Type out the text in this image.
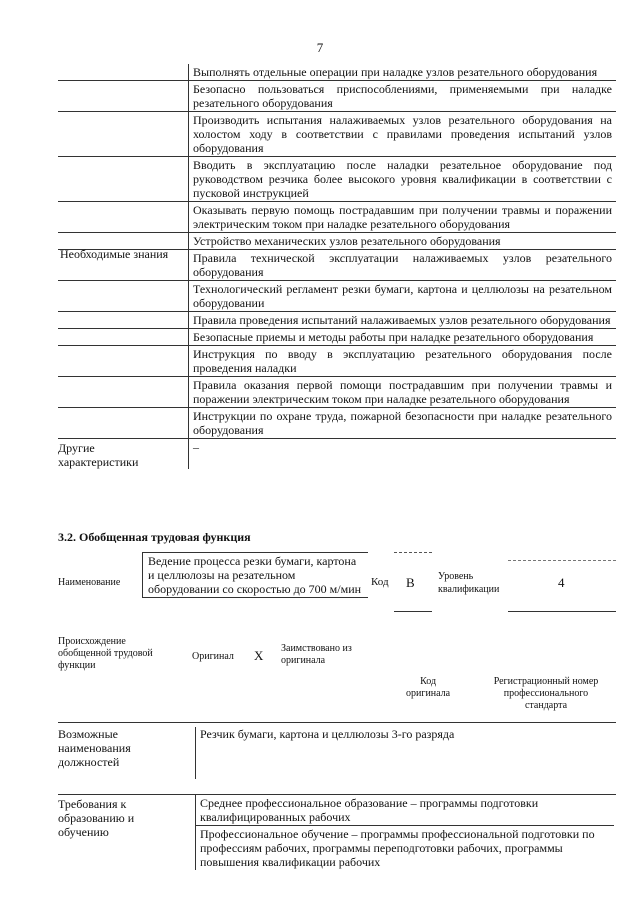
7
Необходимые знания
Выполнять отдельные операции при наладке узлов резательного оборудования
Безопасно пользоваться приспособлениями, применяемыми при наладке резательного оборудования
Производить испытания налаживаемых узлов резательного оборудования на холостом ходу в соответствии с правилами проведения испытаний узлов оборудования
Вводить в эксплуатацию после наладки резательное оборудование под руководством резчика более высокого уровня квалификации в соответствии с пусковой инструкцией
Оказывать первую помощь пострадавшим при получении травмы и поражении электрическим током при наладке резательного оборудования
Устройство механических узлов резательного оборудования
Правила технической эксплуатации налаживаемых узлов резательного оборудования
Технологический регламент резки бумаги, картона и целлюлозы на резательном оборудовании
Правила проведения испытаний налаживаемых узлов резательного оборудования
Безопасные приемы и методы работы при наладке резательного оборудования
Инструкция по вводу в эксплуатацию резательного оборудования после проведения наладки
Правила оказания первой помощи пострадавшим при получении травмы и поражении электрическим током при наладке резательного оборудования
Инструкции по охране труда, пожарной безопасности при наладке резательного оборудования
Другие
характеристики
–
3.2. Обобщенная трудовая функция
Наименование
Ведение процесса резки бумаги, картона и целлюлозы на резательном оборудовании со скоростью до 700 м/мин Код B Уровень
квалификации	4
Происхождение
обобщенной трудовой
функции
Оригинал X Заимствовано из
оригинала
Код
оригинала
Регистрационный номер
профессионального
стандарта
Возможные
наименования
должностей
Резчик бумаги, картона и целлюлозы 3-го разряда
Требования к
образованию и
обучению
Среднее профессиональное образование – программы подготовки квалифицированных рабочих
Профессиональное обучение – программы профессиональной подготовки по профессиям рабочих, программы переподготовки рабочих, программы повышения квалификации рабочих
